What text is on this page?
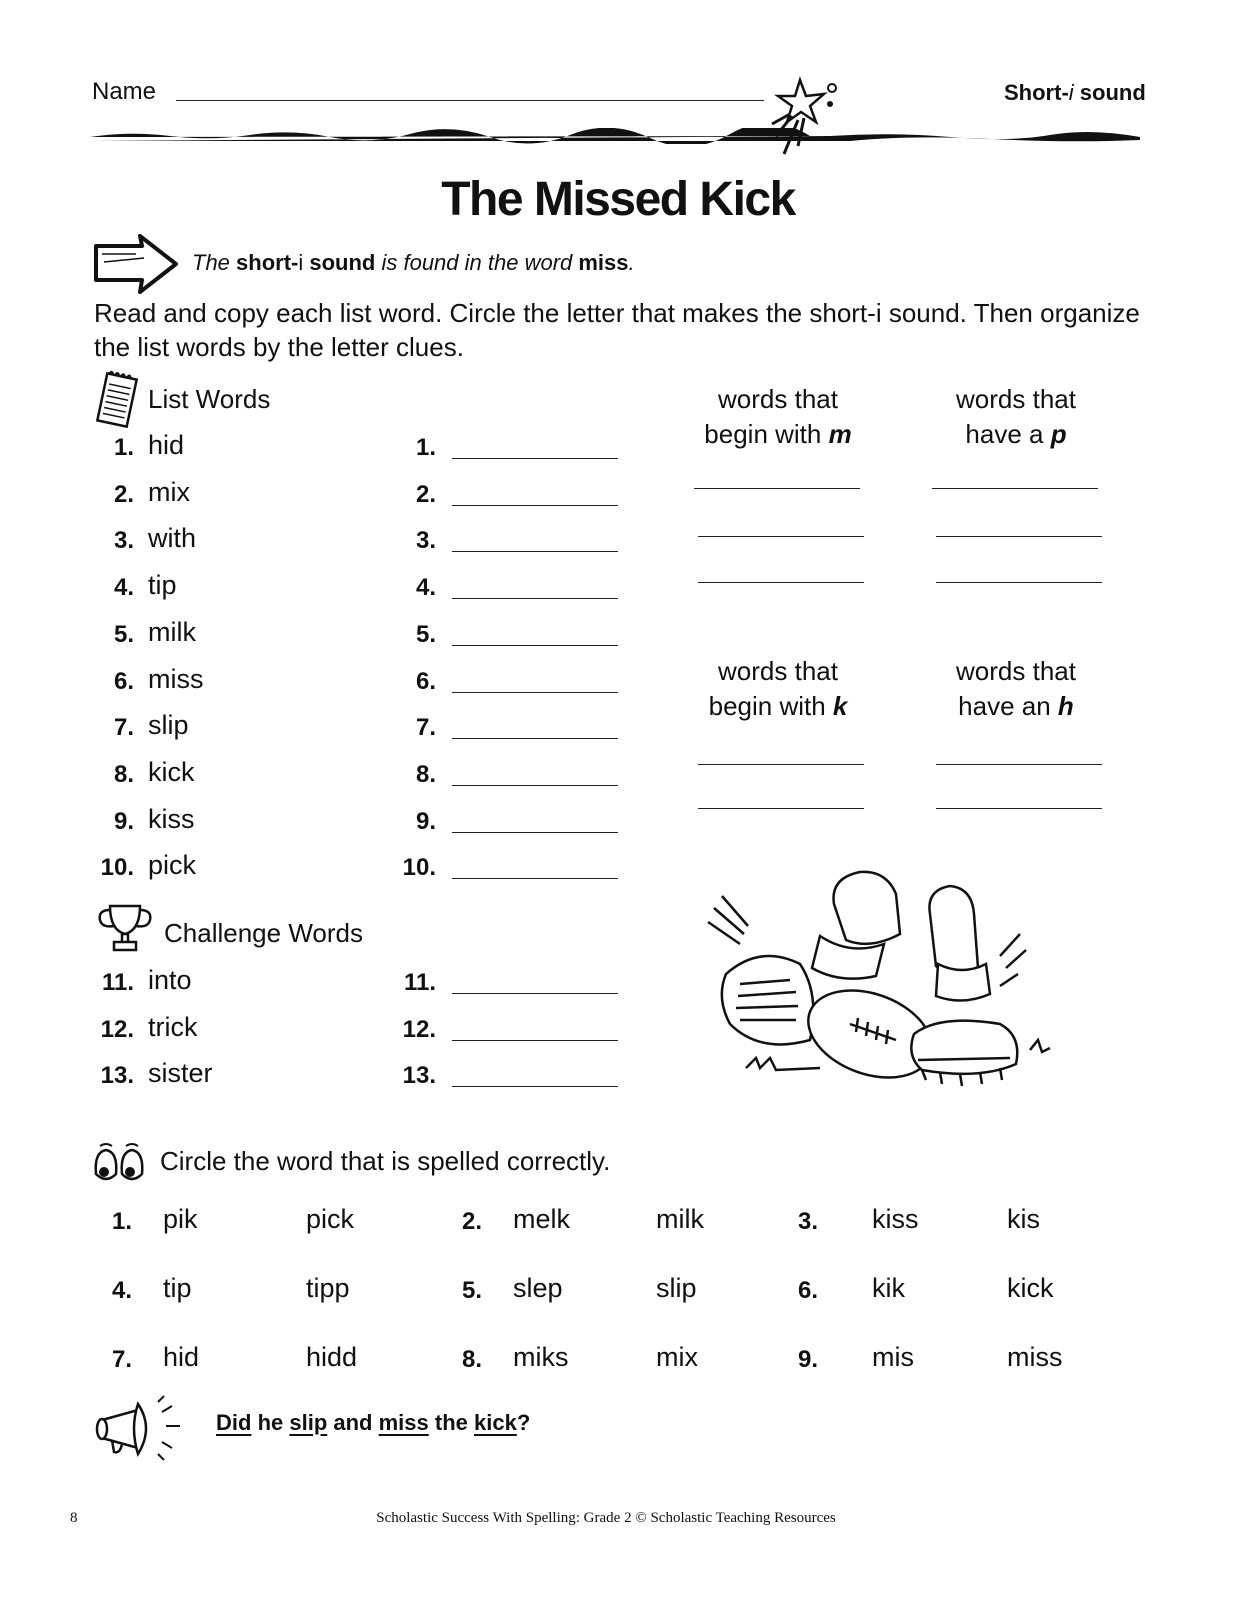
Name	Short-i sound
The Missed Kick
The short-i sound is found in the word miss.
Read and copy each list word. Circle the letter that makes the short-i sound. Then organize the list words by the letter clues.
List Words
1. hid	1.
2. mix	2.
3. with	3.
4. tip	4.
5. milk	5.
6. miss	6.
7. slip	7.
8. kick	8.
9. kiss	9.
10. pick	10.
11. into	11.
12. trick	12.
13. sister	13.
words that
begin with m
words that
have a p
words that
begin with k
words that
have an h
Challenge Words
Circle the word that is spelled correctly.
1. pik	pick	2. melk	milk	3. kiss	kis
4. tip	tipp	5. slep	slip	6. kik	kick
7. hid	hidd	8. miks	mix	9. mis	miss
Did he slip and miss the kick?
8	Scholastic Success With Spelling: Grade 2 © Scholastic Teaching Resources
